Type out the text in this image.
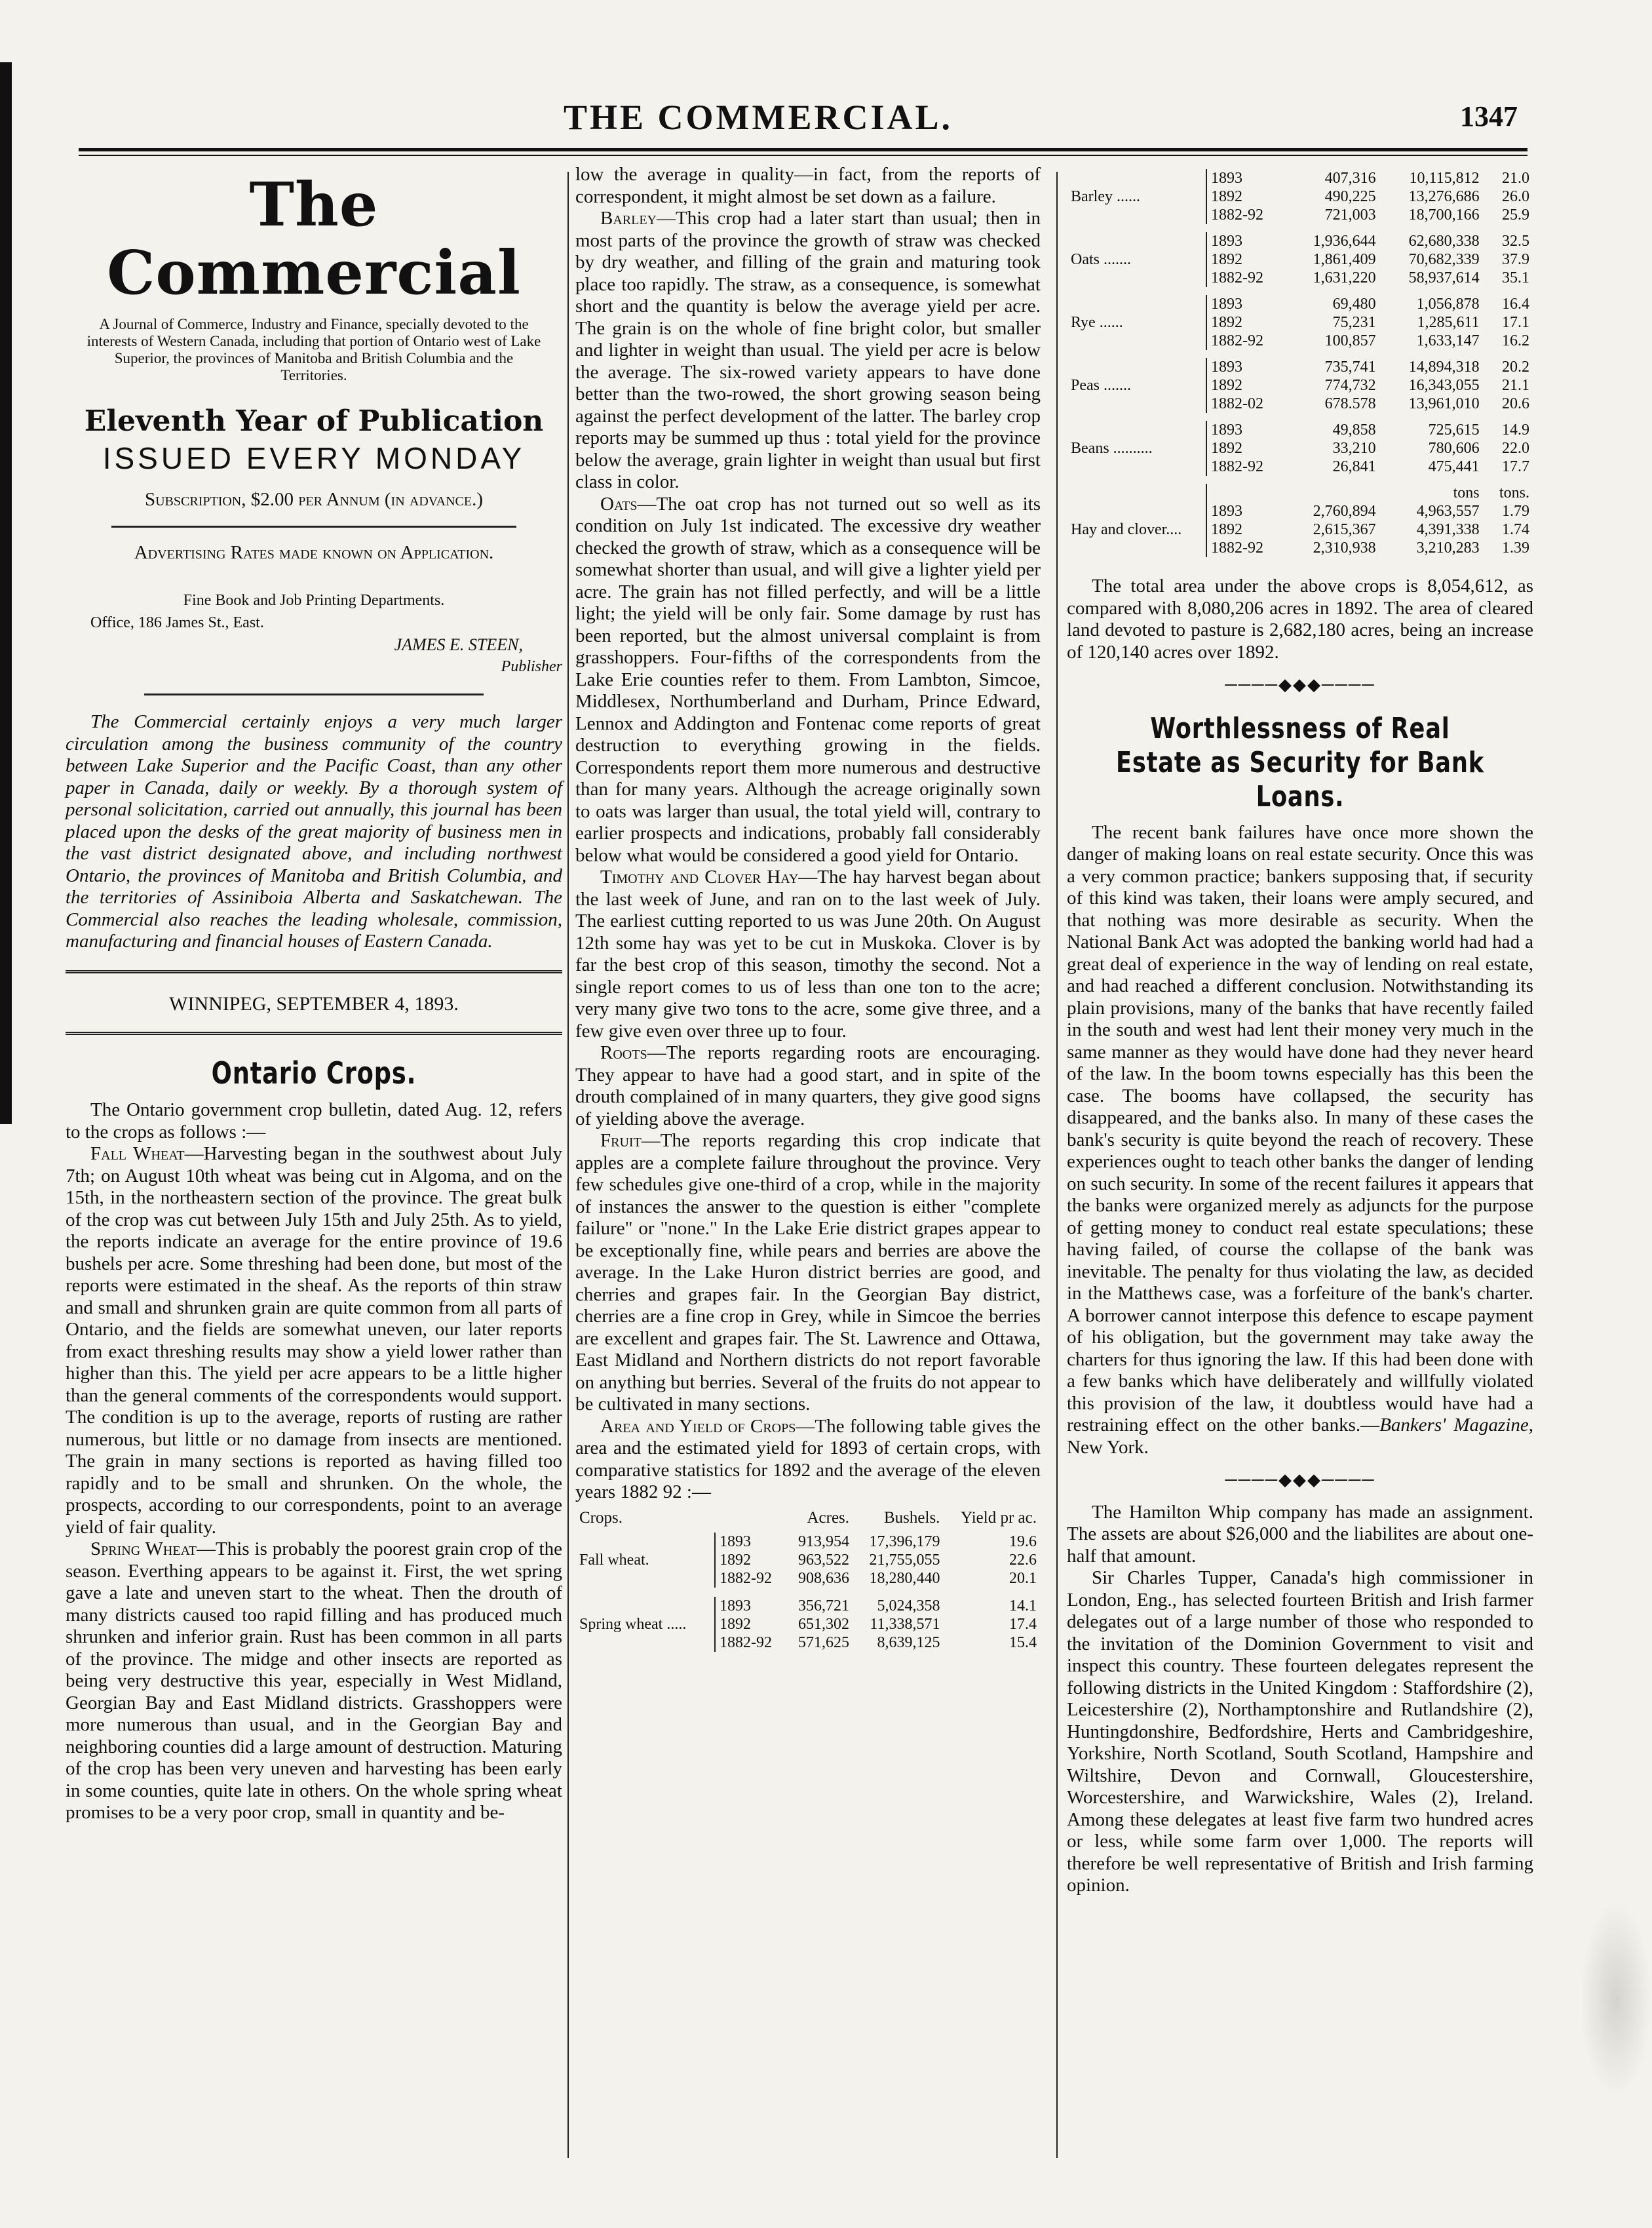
THE COMMERCIAL.	1347
The Commercial
A Journal of Commerce, Industry and Finance, specially devoted to the interests of Western Canada, including that portion of Ontario west of Lake Superior, the provinces of Manitoba and British Columbia and the Territories.
Eleventh Year of Publication
ISSUED EVERY MONDAY

Subscription, $2.00 per Annum (in advance.)

Advertising Rates made known on Application.

Fine Book and Job Printing Departments.

Office, 186 James St., East.

JAMES E. STEEN,

Publisher

The Commercial certainly enjoys a very much larger circulation among the business community of the country between Lake Superior and the Pacific Coast, than any other paper in Canada, daily or weekly. By a thorough system of personal solicitation, carried out annually, this journal has been placed upon the desks of the great majority of business men in the vast district designated above, and including northwest Ontario, the provinces of Manitoba and British Columbia, and the territories of Assiniboia Alberta and Saskatchewan. The Commercial also reaches the leading wholesale, commission, manufacturing and financial houses of Eastern Canada.

WINNIPEG, SEPTEMBER 4, 1893.

Ontario Crops.

The Ontario government crop bulletin, dated Aug. 12, refers to the crops as follows :—

Fall Wheat—Harvesting began in the southwest about July 7th; on August 10th wheat was being cut in Algoma, and on the 15th, in the northeastern section of the province. The great bulk of the crop was cut between July 15th and July 25th. As to yield, the reports indicate an average for the entire province of 19.6 bushels per acre. Some threshing had been done, but most of the reports were estimated in the sheaf. As the reports of thin straw and small and shrunken grain are quite common from all parts of Ontario, and the fields are somewhat uneven, our later reports from exact threshing results may show a yield lower rather than higher than this. The yield per acre appears to be a little higher than the general comments of the correspondents would support. The condition is up to the average, reports of rusting are rather numerous, but little or no damage from insects are mentioned. The grain in many sections is reported as having filled too rapidly and to be small and shrunken. On the whole, the prospects, according to our correspondents, point to an average yield of fair quality.

Spring Wheat—This is probably the poorest grain crop of the season. Everthing appears to be against it. First, the wet spring gave a late and uneven start to the wheat. Then the drouth of many districts caused too rapid filling and has produced much shrunken and inferior grain. Rust has been common in all parts of the province. The midge and other insects are reported as being very destructive this year, especially in West Midland, Georgian Bay and East Midland districts. Grasshoppers were more numerous than usual, and in the Georgian Bay and neighboring counties did a large amount of destruction. Maturing of the crop has been very uneven and harvesting has been early in some counties, quite late in others. On the whole spring wheat promises to be a very poor crop, small in quantity and be-

low the average in quality—in fact, from the reports of correspondent, it might almost be set down as a failure.

Barley—This crop had a later start than usual; then in most parts of the province the growth of straw was checked by dry weather, and filling of the grain and maturing took place too rapidly. The straw, as a consequence, is somewhat short and the quantity is below the average yield per acre. The grain is on the whole of fine bright color, but smaller and lighter in weight than usual. The yield per acre is below the average. The six-rowed variety appears to have done better than the two-rowed, the short growing season being against the perfect development of the latter. The barley crop reports may be summed up thus : total yield for the province below the average, grain lighter in weight than usual but first class in color.

Oats—The oat crop has not turned out so well as its condition on July 1st indicated. The excessive dry weather checked the growth of straw, which as a consequence will be somewhat shorter than usual, and will give a lighter yield per acre. The grain has not filled perfectly, and will be a little light; the yield will be only fair. Some damage by rust has been reported, but the almost universal complaint is from grasshoppers. Four-fifths of the correspondents from the Lake Erie counties refer to them. From Lambton, Simcoe, Middlesex, Northumberland and Durham, Prince Edward, Lennox and Addington and Fontenac come reports of great destruction to everything growing in the fields. Correspondents report them more numerous and destructive than for many years. Although the acreage originally sown to oats was larger than usual, the total yield will, contrary to earlier prospects and indications, probably fall considerably below what would be considered a good yield for Ontario.

Timothy and Clover Hay—The hay harvest began about the last week of June, and ran on to the last week of July. The earliest cutting reported to us was June 20th. On August 12th some hay was yet to be cut in Muskoka. Clover is by far the best crop of this season, timothy the second. Not a single report comes to us of less than one ton to the acre; very many give two tons to the acre, some give three, and a few give even over three up to four.

Roots—The reports regarding roots are encouraging. They appear to have had a good start, and in spite of the drouth complained of in many quarters, they give good signs of yielding above the average.

Fruit—The reports regarding this crop indicate that apples are a complete failure throughout the province. Very few schedules give one-third of a crop, while in the majority of instances the answer to the question is either "complete failure" or "none." In the Lake Erie district grapes appear to be exceptionally fine, while pears and berries are above the average. In the Lake Huron district berries are good, and cherries and grapes fair. In the Georgian Bay district, cherries are a fine crop in Grey, while in Simcoe the berries are excellent and grapes fair. The St. Lawrence and Ottawa, East Midland and Northern districts do not report favorable on anything but berries. Several of the fruits do not appear to be cultivated in many sections.

Area and Yield of Crops—The following table gives the area and the estimated yield for 1893 of certain crops, with comparative statistics for 1892 and the average of the eleven years 1882 92 :—

Crops.		Acres.	Bushels.	Yield pr ac.
	1893	913,954	17,396,179	19.6
Fall wheat.	1892	963,522	21,755,055	22.6
	1882-92	908,636	18,280,440	20.1

	1893	356,721	5,024,358	14.1
Spring wheat .....	1892	651,302	11,338,571	17.4
	1882-92	571,625	8,639,125	15.4

	1893	407,316	10,115,812	21.0
Barley ......	1892	490,225	13,276,686	26.0
	1882-92	721,003	18,700,166	25.9

	1893	1,936,644	62,680,338	32.5
Oats .......	1892	1,861,409	70,682,339	37.9
	1882-92	1,631,220	58,937,614	35.1

	1893	69,480	1,056,878	16.4
Rye ......	1892	75,231	1,285,611	17.1
	1882-92	100,857	1,633,147	16.2

	1893	735,741	14,894,318	20.2
Peas .......	1892	774,732	16,343,055	21.1
	1882-02	678.578	13,961,010	20.6

	1893	49,858	725,615	14.9
Beans ..........	1892	33,210	780,606	22.0
	1882-92	26,841	475,441	17.7

			tons	tons.
	1893	2,760,894	4,963,557	1.79
Hay and clover....	1892	2,615,367	4,391,338	1.74
	1882-92	2,310,938	3,210,283	1.39

The total area under the above crops is 8,054,612, as compared with 8,080,206 acres in 1892. The area of cleared land devoted to pasture is 2,682,180 acres, being an increase of 120,140 acres over 1892.

────◆◆◆────
Worthlessness of Real Estate as Security for Bank Loans.

The recent bank failures have once more shown the danger of making loans on real estate security. Once this was a very common practice; bankers supposing that, if security of this kind was taken, their loans were amply secured, and that nothing was more desirable as security. When the National Bank Act was adopted the banking world had had a great deal of experience in the way of lending on real estate, and had reached a different conclusion. Notwithstanding its plain provisions, many of the banks that have recently failed in the south and west had lent their money very much in the same manner as they would have done had they never heard of the law. In the boom towns especially has this been the case. The booms have collapsed, the security has disappeared, and the banks also. In many of these cases the bank's security is quite beyond the reach of recovery. These experiences ought to teach other banks the danger of lending on such security. In some of the recent failures it appears that the banks were organized merely as adjuncts for the purpose of getting money to conduct real estate speculations; these having failed, of course the collapse of the bank was inevitable. The penalty for thus violating the law, as decided in the Matthews case, was a forfeiture of the bank's charter. A borrower cannot interpose this defence to escape payment of his obligation, but the government may take away the charters for thus ignoring the law. If this had been done with a few banks which have deliberately and willfully violated this provision of the law, it doubtless would have had a restraining effect on the other banks.—Bankers' Magazine, New York.

────◆◆◆────

The Hamilton Whip company has made an assignment. The assets are about $26,000 and the liabilites are about one-half that amount.

Sir Charles Tupper, Canada's high commissioner in London, Eng., has selected fourteen British and Irish farmer delegates out of a large number of those who responded to the invitation of the Dominion Government to visit and inspect this country. These fourteen delegates represent the following districts in the United Kingdom : Staffordshire (2), Leicestershire (2), Northamptonshire and Rutlandshire (2), Huntingdonshire, Bedfordshire, Herts and Cambridgeshire, Yorkshire, North Scotland, South Scotland, Hampshire and Wiltshire, Devon and Cornwall, Gloucestershire, Worcestershire, and Warwickshire, Wales (2), Ireland. Among these delegates at least five farm two hundred acres or less, while some farm over 1,000. The reports will therefore be well representative of British and Irish farming opinion.
